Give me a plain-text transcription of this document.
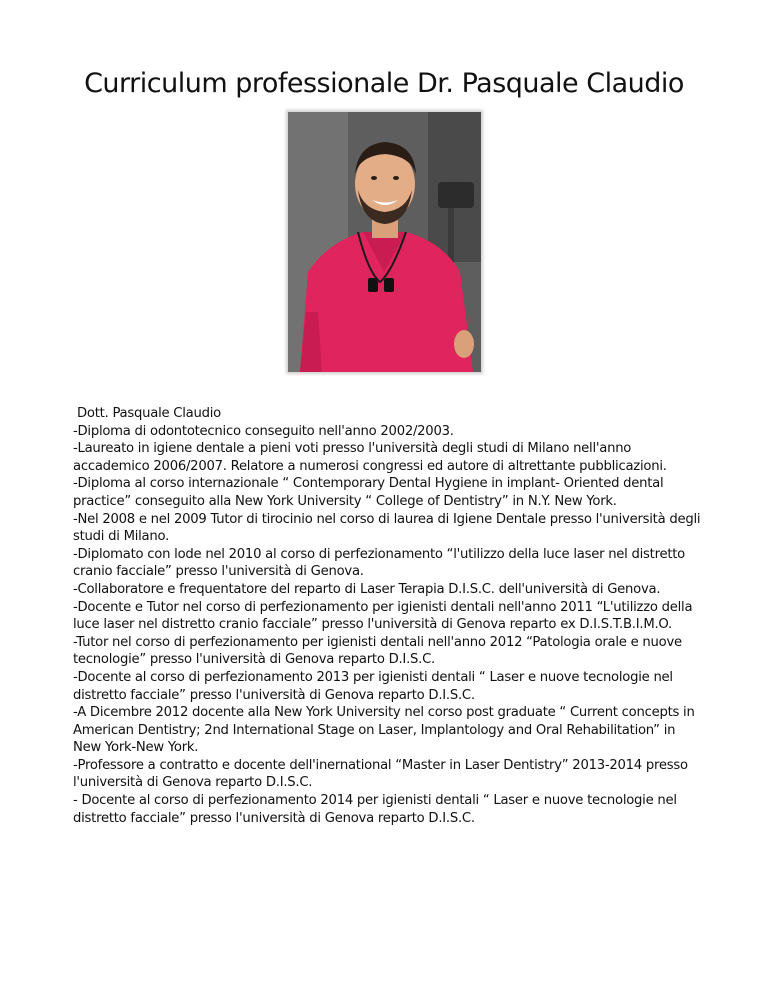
Curriculum professionale Dr. Pasquale Claudio
Dott. Pasquale Claudio
-Diploma di odontotecnico conseguito nell'anno 2002/2003.
-Laureato in igiene dentale a pieni voti presso l'università degli studi di Milano nell'anno accademico 2006/2007. Relatore a numerosi congressi ed autore di altrettante pubblicazioni.
-Diploma al corso internazionale “ Contemporary Dental Hygiene in implant- Oriented dental practice” conseguito alla New York University “ College of Dentistry” in N.Y. New York.
-Nel 2008 e nel 2009 Tutor di tirocinio nel corso di laurea di Igiene Dentale presso l'università degli studi di Milano.
-Diplomato con lode nel 2010 al corso di perfezionamento “l'utilizzo della luce laser nel distretto cranio facciale” presso l'università di Genova.
-Collaboratore e frequentatore del reparto di Laser Terapia D.I.S.C. dell'università di Genova.
-Docente e Tutor nel corso di perfezionamento per igienisti dentali nell'anno 2011 “L'utilizzo della luce laser nel distretto cranio facciale” presso l'università di Genova reparto ex D.I.S.T.B.I.M.O.
-Tutor nel corso di perfezionamento per igienisti dentali nell'anno 2012 “Patologia orale e nuove tecnologie” presso l'università di Genova reparto D.I.S.C.
-Docente al corso di perfezionamento 2013 per igienisti dentali “ Laser e nuove tecnologie nel distretto facciale” presso l'università di Genova reparto D.I.S.C.
-A Dicembre 2012 docente alla New York University nel corso post graduate “ Current concepts in American Dentistry; 2nd International Stage on Laser, Implantology and Oral Rehabilitation” in New York-New York.
-Professore a contratto e docente dell'inernational “Master in Laser Dentistry” 2013-2014 presso l'università di Genova reparto D.I.S.C.
- Docente al corso di perfezionamento 2014 per igienisti dentali “ Laser e nuove tecnologie nel distretto facciale” presso l'università di Genova reparto D.I.S.C.
